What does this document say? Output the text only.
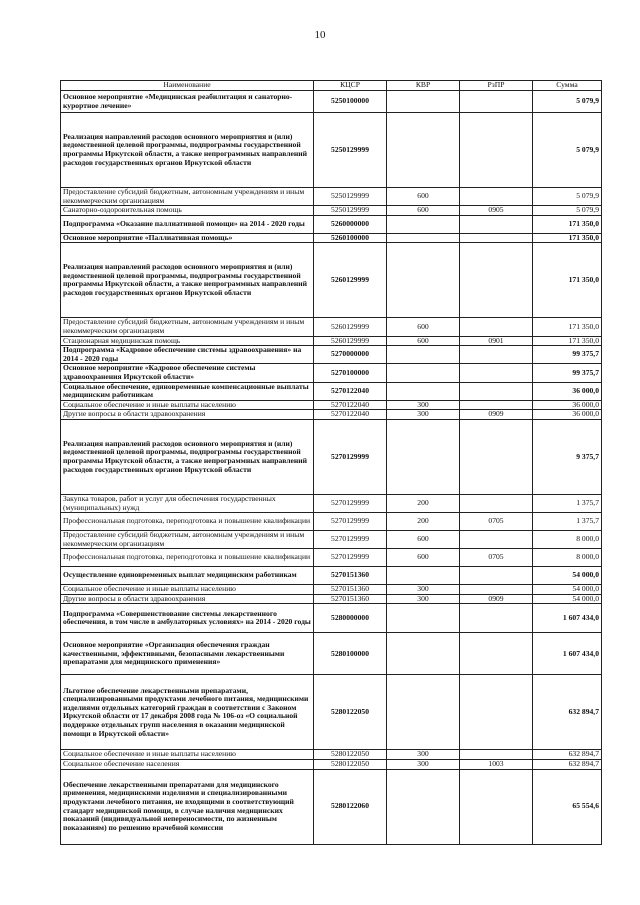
10
Наименование	КЦСР	КВР	РзПР	Сумма
Основное мероприятие «Медицинская реабилитация и санаторно-курортное лечение»	5250100000			5 079,9
Реализация направлений расходов основного мероприятия и (или) ведомственной целевой программы, подпрограммы государственной программы Иркутской области, а также непрограммных направлений расходов государственных органов Иркутской области	5250129999			5 079,9
Предоставление субсидий бюджетным, автономным учреждениям и иным некоммерческим организациям	5250129999	600		5 079,9
Санаторно-оздоровительная помощь	5250129999	600	0905	5 079,9
Подпрограмма «Оказание паллиативной помощи» на 2014 - 2020 годы	5260000000			171 350,0
Основное мероприятие «Паллиативная помощь»	5260100000			171 350,0
Реализация направлений расходов основного мероприятия и (или) ведомственной целевой программы, подпрограммы государственной программы Иркутской области, а также непрограммных направлений расходов государственных органов Иркутской области	5260129999			171 350,0
Предоставление субсидий бюджетным, автономным учреждениям и иным некоммерческим организациям	5260129999	600		171 350,0
Стационарная медицинская помощь	5260129999	600	0901	171 350,0
Подпрограмма «Кадровое обеспечение системы здравоохранения» на 2014 - 2020 годы	5270000000			99 375,7
Основное мероприятие «Кадровое обеспечение системы здравоохранения Иркутской области»	5270100000			99 375,7
Социальное обеспечение, единовременные компенсационные выплаты медицинским работникам	5270122040			36 000,0
Социальное обеспечение и иные выплаты населению	5270122040	300		36 000,0
Другие вопросы в области здравоохранения	5270122040	300	0909	36 000,0
Реализация направлений расходов основного мероприятия и (или) ведомственной целевой программы, подпрограммы государственной программы Иркутской области, а также непрограммных направлений расходов государственных органов Иркутской области	5270129999			9 375,7
Закупка товаров, работ и услуг для обеспечения государственных (муниципальных) нужд	5270129999	200		1 375,7
Профессиональная подготовка, переподготовка и повышение квалификации	5270129999	200	0705	1 375,7
Предоставление субсидий бюджетным, автономным учреждениям и иным некоммерческим организациям	5270129999	600		8 000,0
Профессиональная подготовка, переподготовка и повышение квалификации	5270129999	600	0705	8 000,0
Осуществление единовременных выплат медицинским работникам	5270151360			54 000,0
Социальное обеспечение и иные выплаты населению	5270151360	300		54 000,0
Другие вопросы в области здравоохранения	5270151360	300	0909	54 000,0
Подпрограмма «Совершенствование системы лекарственного обеспечения, в том числе в амбулаторных условиях» на 2014 - 2020 годы	5280000000			1 607 434,0
Основное мероприятие «Организация обеспечения граждан качественными, эффективными, безопасными лекарственными препаратами для медицинского применения»	5280100000			1 607 434,0
Льготное обеспечение лекарственными препаратами, специализированными продуктами лечебного питания, медицинскими изделиями отдельных категорий граждан в соответствии с Законом Иркутской области от 17 декабря 2008 года № 106-оз «О социальной поддержке отдельных групп населения в оказании медицинской помощи в Иркутской области»	5280122050			632 894,7
Социальное обеспечение и иные выплаты населению	5280122050	300		632 894,7
Социальное обеспечение населения	5280122050	300	1003	632 894,7
Обеспечение лекарственными препаратами для медицинского применения, медицинскими изделиями и специализированными продуктами лечебного питания, не входящими в соответствующий стандарт медицинской помощи, в случае наличия медицинских показаний (индивидуальной непереносимости, по жизненным показаниям) по решению врачебной комиссии	5280122060			65 554,6
